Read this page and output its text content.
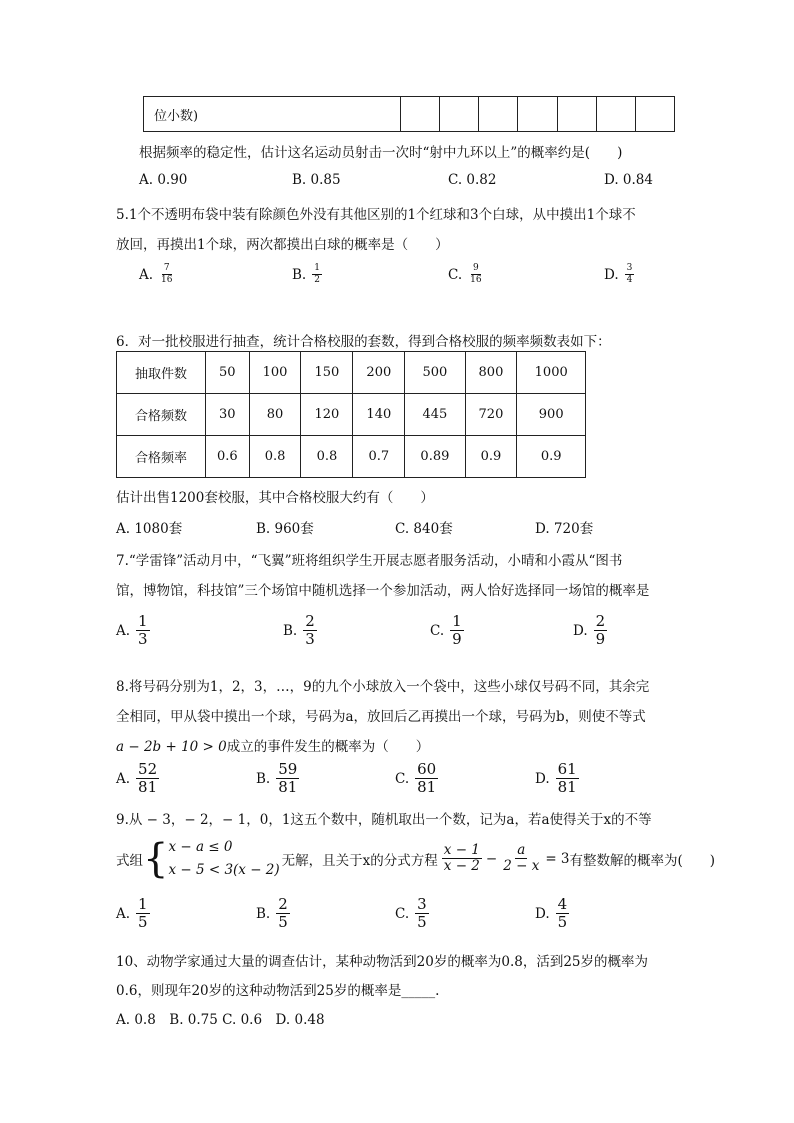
位小数)							
根据频率的稳定性，估计这名运动员射击一次时“射中九环以上”的概率约是(　　)
A. 0.90	B. 0.85	C. 0.82	D. 0.84
5.1个不透明布袋中装有除颜色外没有其他区别的1个红球和3个白球，从中摸出1个球不
放回，再摸出1个球，两次都摸出白球的概率是（　　）
A. $\frac{7}{16}$	B. $\frac{1}{2}$	C. $\frac{9}{16}$	D. $\frac{3}{4}$
6．对一批校服进行抽查，统计合格校服的套数，得到合格校服的频率频数表如下：
抽取件数	50	100	150	200	500	800	1000
合格频数	30	80	120	140	445	720	900
合格频率	0.6	0.8	0.8	0.7	0.89	0.9	0.9
估计出售1200套校服，其中合格校服大约有（　　）
A. 1080套	B. 960套	C. 840套	D. 720套
7.“学雷锋”活动月中，“飞翼”班将组织学生开展志愿者服务活动，小晴和小霞从“图书
馆，博物馆，科技馆”三个场馆中随机选择一个参加活动，两人恰好选择同一场馆的概率是
A. $\frac{1}{3}$	B. $\frac{2}{3}$	C. $\frac{1}{9}$	D. $\frac{2}{9}$
8.将号码分别为1，2，3，…，9的九个小球放入一个袋中，这些小球仅号码不同，其余完
全相同，甲从袋中摸出一个球，号码为a，放回后乙再摸出一个球，号码为b，则使不等式
a − 2b + 10 > 0成立的事件发生的概率为（　　）
A. $\frac{52}{81}$	B. $\frac{59}{81}$	C. $\frac{60}{81}$	D. $\frac{61}{81}$
9.从 − 3，− 2，− 1，0，1这五个数中，随机取出一个数，记为a，若a使得关于x的不等
式组 { x − a ≤ 0
x − 5 < 3(x − 2)
无解，且关于x的分式方程 $\frac{x - 1}{x - 2} - \frac{a}{2 - x} = 3$ 有整数解的概率为(　　)
A. $\frac{1}{5}$	B. $\frac{2}{5}$	C. $\frac{3}{5}$	D. $\frac{4}{5}$
10、动物学家通过大量的调查估计，某种动物活到20岁的概率为0.8，活到25岁的概率为
0.6，则现年20岁的这种动物活到25岁的概率是_____.
A. 0.8　B. 0.75 C. 0.6　D. 0.48
